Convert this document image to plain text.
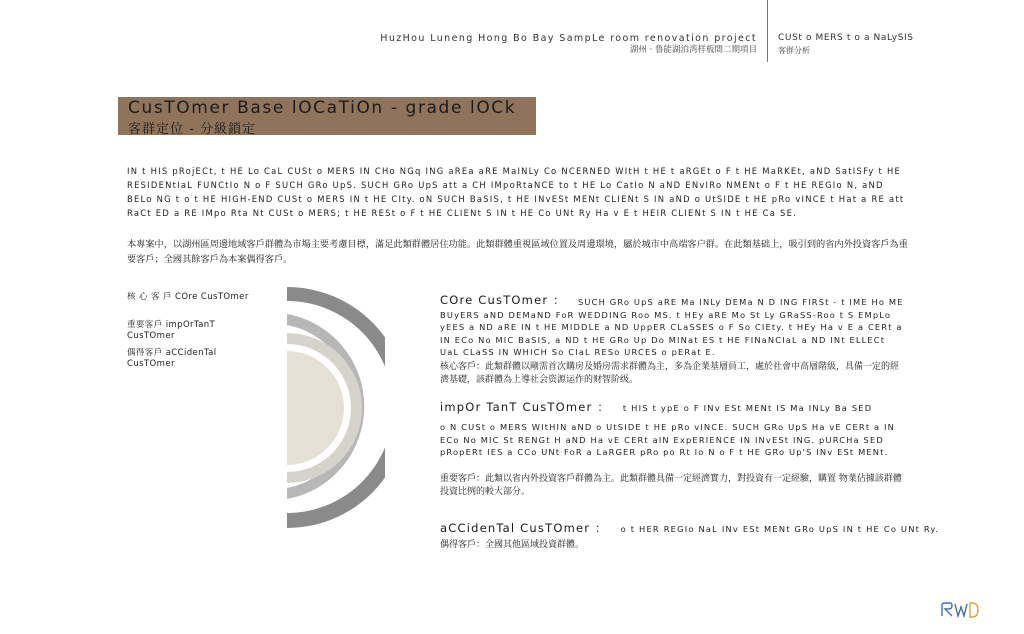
HuzHou Luneng Hong Bo Bay SampLe room renovation project
湖州 · 鲁能湖泊湾样板間二期項目
CUSt o MERS t o a NaLySIS
客群分析
CusTOmer Base lOCaTiOn - grade lOCk
客群定位 - 分級鎖定
IN t HIS pRojECt, t HE Lo CaL CUSt o MERS IN CHo NGq ING aREa aRE MaINLy Co NCERNED WItH t HE t aRGEt o F t HE MaRKEt, aND SatISFy t HE RESIDENtIaL FUNCtIo N o F SUCH GRo UpS. SUCH GRo UpS att a CH IMpoRtaNCE to t HE Lo CatIo N aND ENvIRo NMENt o F t HE REGIo N, aND BELo NG t o t HE HIGH-END CUSt o MERS IN t HE CIty. oN SUCH BaSIS, t HE INvESt MENt CLIENt S IN aND o UtSIDE t HE pRo vINCE t Hat a RE att RaCt ED a RE IMpo Rta Nt CUSt o MERS; t HE RESt o F t HE CLIENt S IN t HE Co UNt Ry Ha v E t HEIR CLIENt S IN t HE Ca SE.
本專案中，以湖州區周邊地域客戶群體為市場主要考慮目標，滿足此類群體居住功能。此類群體重視區域位置及周邊環境，屬於城市中高端客户群。在此類基础上，吸引到的省内外投資客戶為重要客戶；全國其餘客戶為本案偶得客戶。
核 心 客 戶 COre CusTOmer
重要客戶 impOrTanT CusTOmer
偶得客戶 aCCidenTal CusTOmer
COre CusTOmer ：	SUCH GRo UpS aRE Ma INLy DEMa N D ING FIRSt - t IME Ho ME BUyERS aND DEMaND FoR WEDDING Roo MS. t HEy aRE Mo St Ly GRaSS-Roo t S EMpLo yEES a ND aRE IN t HE MIDDLE a ND UppER CLaSSES o F So CIEty. t HEy Ha v E a CERt a IN ECo No MIC BaSIS, a ND t HE GRo Up Do MINat ES t HE FINaNCIaL a ND INt ELLECt UaL CLaSS IN WHICH So CIaL RESo URCES o pERat E.
核心客戶：此類群體以剛需首次購房及婚房需求群體為主，多為企業基層員工，處於社會中高層階級，具備一定的經濟基礎，該群體為上導社会资源运作的财智阶级。
impOr TanT CusTOmer ： t HIS t ypE o F INv ESt MENt IS Ma INLy Ba SED
o N CUSt o MERS WItHIN aND o UtSIDE t HE pRo vINCE. SUCH GRo UpS Ha vE CERt a IN ECo No MIC St RENGt H aND Ha vE CERt aIN ExpERIENCE IN INvESt ING. pURCHa SED pRopERt IES a CCo UNt FoR a LaRGER pRo po Rt Io N o F t HE GRo Up'S INv ESt MENt.
重要客戶：此類以省内外投資客戶群體為主。此類群體具備一定經濟實力，對投資有一定經驗，購置 物業佔據該群體投資比例的較大部分。
aCCidenTal CusTOmer ： o t HER REGIo NaL INv ESt MENt GRo UpS IN t HE Co UNt Ry.
偶得客戶：全國其他區域投資群體。
